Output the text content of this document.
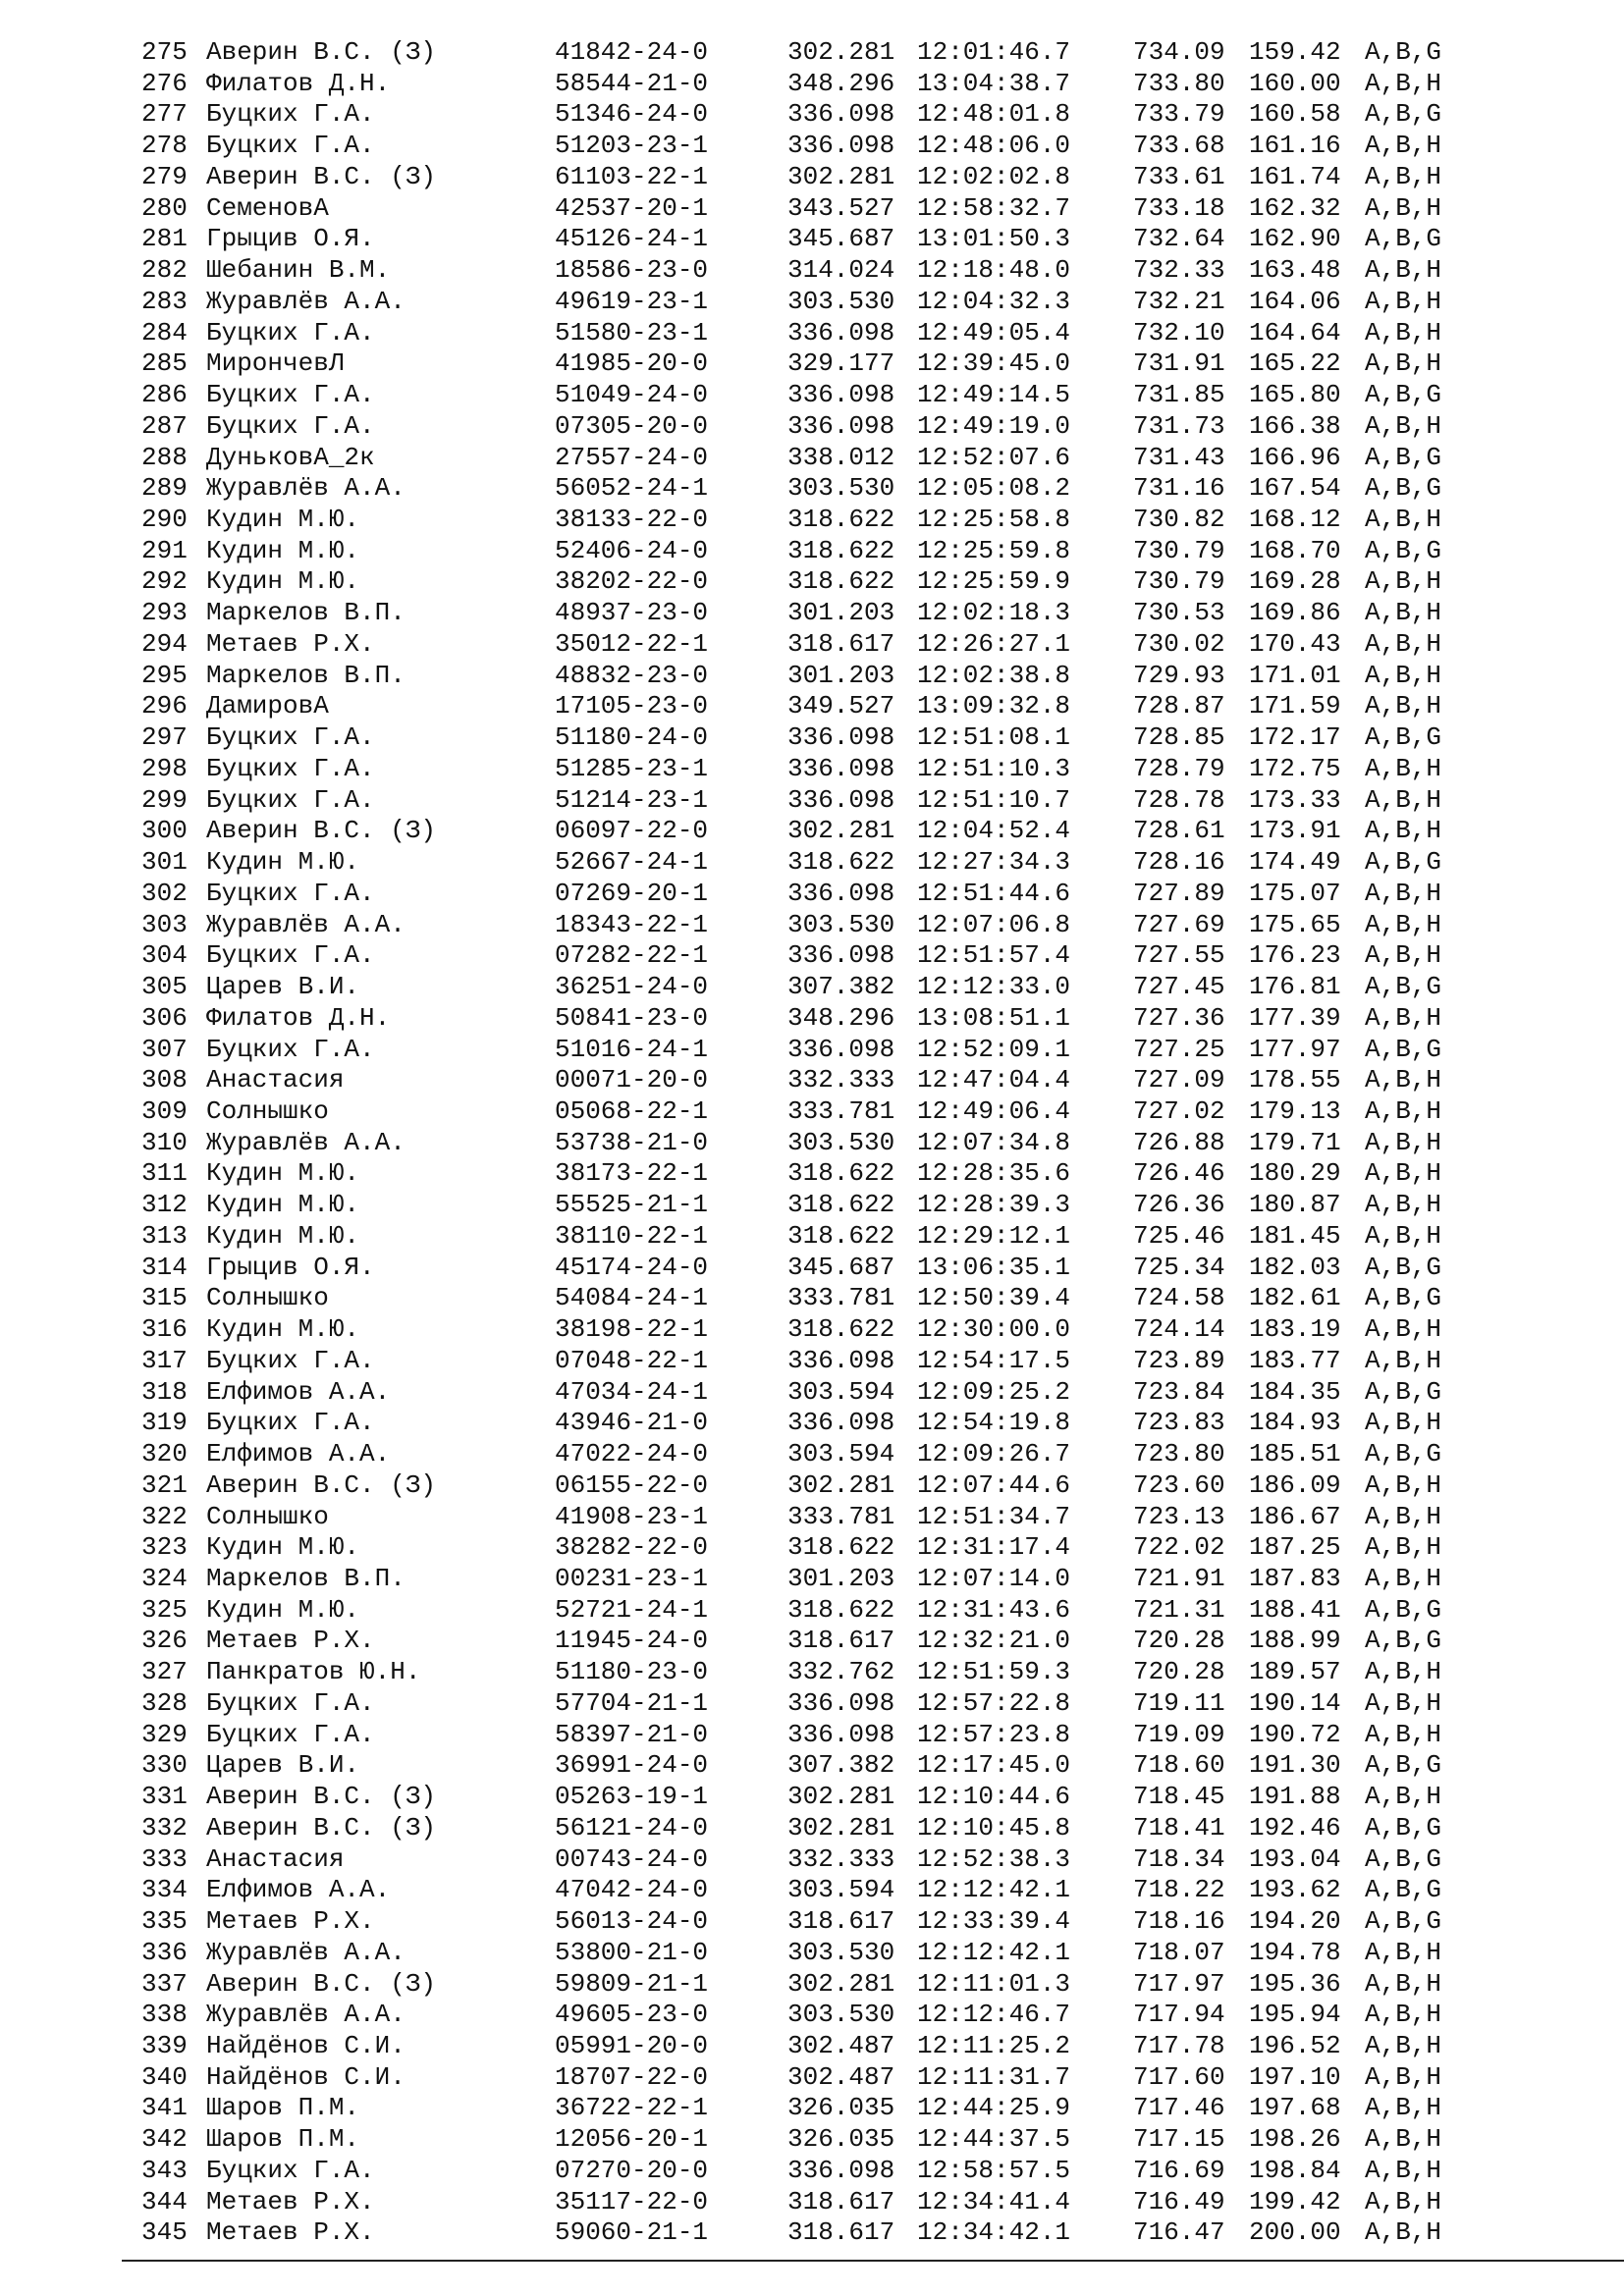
275 Аверин В.С. (З)	41842-24-0	302.281 12:01:46.7 734.09 159.42 A,B,G
276 Филатов Д.Н.	58544-21-0	348.296 13:04:38.7 733.80 160.00 A,B,H
277 Буцких Г.А.	51346-24-0	336.098 12:48:01.8 733.79 160.58 A,B,G
278 Буцких Г.А.	51203-23-1	336.098 12:48:06.0 733.68 161.16 A,B,H
279 Аверин В.С. (З)	61103-22-1	302.281 12:02:02.8 733.61 161.74 A,B,H
280 СеменовА	42537-20-1	343.527 12:58:32.7 733.18 162.32 A,B,H
281 Грыцив О.Я.	45126-24-1	345.687 13:01:50.3 732.64 162.90 A,B,G
282 Шебанин В.М.	18586-23-0	314.024 12:18:48.0 732.33 163.48 A,B,H
283 Журавлёв А.А.	49619-23-1	303.530 12:04:32.3 732.21 164.06 A,B,H
284 Буцких Г.А.	51580-23-1	336.098 12:49:05.4 732.10 164.64 A,B,H
285 МирончевЛ	41985-20-0	329.177 12:39:45.0 731.91 165.22 A,B,H
286 Буцких Г.А.	51049-24-0	336.098 12:49:14.5 731.85 165.80 A,B,G
287 Буцких Г.А.	07305-20-0	336.098 12:49:19.0 731.73 166.38 A,B,H
288 ДуньковА_2к	27557-24-0	338.012 12:52:07.6 731.43 166.96 A,B,G
289 Журавлёв А.А.	56052-24-1	303.530 12:05:08.2 731.16 167.54 A,B,G
290 Кудин М.Ю.	38133-22-0	318.622 12:25:58.8 730.82 168.12 A,B,H
291 Кудин М.Ю.	52406-24-0	318.622 12:25:59.8 730.79 168.70 A,B,G
292 Кудин М.Ю.	38202-22-0	318.622 12:25:59.9 730.79 169.28 A,B,H
293 Маркелов В.П.	48937-23-0	301.203 12:02:18.3 730.53 169.86 A,B,H
294 Метаев Р.Х.	35012-22-1	318.617 12:26:27.1 730.02 170.43 A,B,H
295 Маркелов В.П.	48832-23-0	301.203 12:02:38.8 729.93 171.01 A,B,H
296 ДамировА	17105-23-0	349.527 13:09:32.8 728.87 171.59 A,B,H
297 Буцких Г.А.	51180-24-0	336.098 12:51:08.1 728.85 172.17 A,B,G
298 Буцких Г.А.	51285-23-1	336.098 12:51:10.3 728.79 172.75 A,B,H
299 Буцких Г.А.	51214-23-1	336.098 12:51:10.7 728.78 173.33 A,B,H
300 Аверин В.С. (З)	06097-22-0	302.281 12:04:52.4 728.61 173.91 A,B,H
301 Кудин М.Ю.	52667-24-1	318.622 12:27:34.3 728.16 174.49 A,B,G
302 Буцких Г.А.	07269-20-1	336.098 12:51:44.6 727.89 175.07 A,B,H
303 Журавлёв А.А.	18343-22-1	303.530 12:07:06.8 727.69 175.65 A,B,H
304 Буцких Г.А.	07282-22-1	336.098 12:51:57.4 727.55 176.23 A,B,H
305 Царев В.И.	36251-24-0	307.382 12:12:33.0 727.45 176.81 A,B,G
306 Филатов Д.Н.	50841-23-0	348.296 13:08:51.1 727.36 177.39 A,B,H
307 Буцких Г.А.	51016-24-1	336.098 12:52:09.1 727.25 177.97 A,B,G
308 Анастасия	00071-20-0	332.333 12:47:04.4 727.09 178.55 A,B,H
309 Солнышко	05068-22-1	333.781 12:49:06.4 727.02 179.13 A,B,H
310 Журавлёв А.А.	53738-21-0	303.530 12:07:34.8 726.88 179.71 A,B,H
311 Кудин М.Ю.	38173-22-1	318.622 12:28:35.6 726.46 180.29 A,B,H
312 Кудин М.Ю.	55525-21-1	318.622 12:28:39.3 726.36 180.87 A,B,H
313 Кудин М.Ю.	38110-22-1	318.622 12:29:12.1 725.46 181.45 A,B,H
314 Грыцив О.Я.	45174-24-0	345.687 13:06:35.1 725.34 182.03 A,B,G
315 Солнышко	54084-24-1	333.781 12:50:39.4 724.58 182.61 A,B,G
316 Кудин М.Ю.	38198-22-1	318.622 12:30:00.0 724.14 183.19 A,B,H
317 Буцких Г.А.	07048-22-1	336.098 12:54:17.5 723.89 183.77 A,B,H
318 Елфимов А.А.	47034-24-1	303.594 12:09:25.2 723.84 184.35 A,B,G
319 Буцких Г.А.	43946-21-0	336.098 12:54:19.8 723.83 184.93 A,B,H
320 Елфимов А.А.	47022-24-0	303.594 12:09:26.7 723.80 185.51 A,B,G
321 Аверин В.С. (З)	06155-22-0	302.281 12:07:44.6 723.60 186.09 A,B,H
322 Солнышко	41908-23-1	333.781 12:51:34.7 723.13 186.67 A,B,H
323 Кудин М.Ю.	38282-22-0	318.622 12:31:17.4 722.02 187.25 A,B,H
324 Маркелов В.П.	00231-23-1	301.203 12:07:14.0 721.91 187.83 A,B,H
325 Кудин М.Ю.	52721-24-1	318.622 12:31:43.6 721.31 188.41 A,B,G
326 Метаев Р.Х.	11945-24-0	318.617 12:32:21.0 720.28 188.99 A,B,G
327 Панкратов Ю.Н.	51180-23-0	332.762 12:51:59.3 720.28 189.57 A,B,H
328 Буцких Г.А.	57704-21-1	336.098 12:57:22.8 719.11 190.14 A,B,H
329 Буцких Г.А.	58397-21-0	336.098 12:57:23.8 719.09 190.72 A,B,H
330 Царев В.И.	36991-24-0	307.382 12:17:45.0 718.60 191.30 A,B,G
331 Аверин В.С. (З)	05263-19-1	302.281 12:10:44.6 718.45 191.88 A,B,H
332 Аверин В.С. (З)	56121-24-0	302.281 12:10:45.8 718.41 192.46 A,B,G
333 Анастасия	00743-24-0	332.333 12:52:38.3 718.34 193.04 A,B,G
334 Елфимов А.А.	47042-24-0	303.594 12:12:42.1 718.22 193.62 A,B,G
335 Метаев Р.Х.	56013-24-0	318.617 12:33:39.4 718.16 194.20 A,B,G
336 Журавлёв А.А.	53800-21-0	303.530 12:12:42.1 718.07 194.78 A,B,H
337 Аверин В.С. (З)	59809-21-1	302.281 12:11:01.3 717.97 195.36 A,B,H
338 Журавлёв А.А.	49605-23-0	303.530 12:12:46.7 717.94 195.94 A,B,H
339 Найдёнов С.И.	05991-20-0	302.487 12:11:25.2 717.78 196.52 A,B,H
340 Найдёнов С.И.	18707-22-0	302.487 12:11:31.7 717.60 197.10 A,B,H
341 Шаров П.М.	36722-22-1	326.035 12:44:25.9 717.46 197.68 A,B,H
342 Шаров П.М.	12056-20-1	326.035 12:44:37.5 717.15 198.26 A,B,H
343 Буцких Г.А.	07270-20-0	336.098 12:58:57.5 716.69 198.84 A,B,H
344 Метаев Р.Х.	35117-22-0	318.617 12:34:41.4 716.49 199.42 A,B,H
345 Метаев Р.Х.	59060-21-1	318.617 12:34:42.1 716.47 200.00 A,B,H
